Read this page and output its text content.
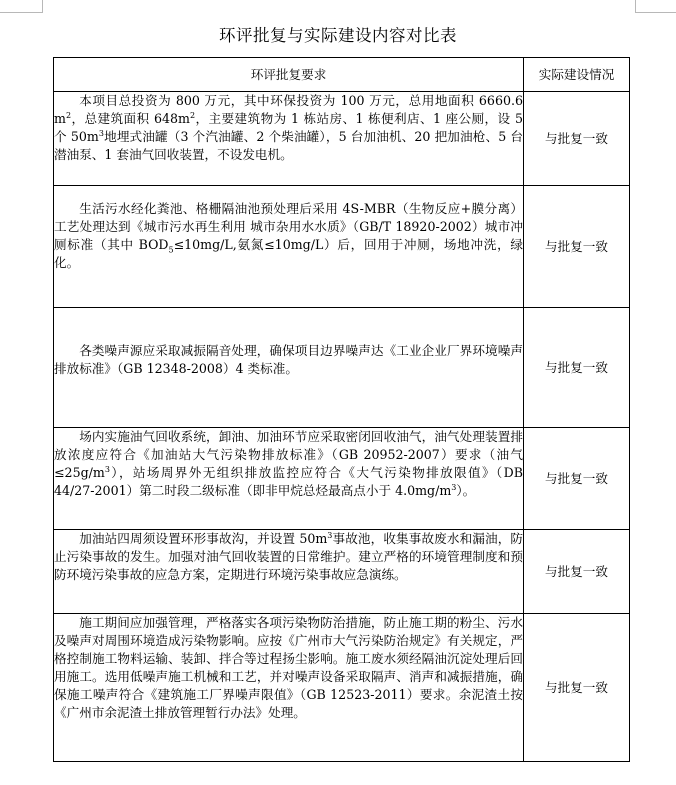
环评批复与实际建设内容对比表
环评批复要求	实际建设情况

本项目总投资为 800 万元，其中环保投资为 100 万元，总用地面积 6660.6 $m^2$，总建筑面积 $648m^2$，主要建筑物为 1 栋站房、1 栋便利店、1 座公厕，设 5 个 $50m^3$地埋式油罐（3 个汽油罐、2 个柴油罐），5 台加油机、20 把加油枪、5 台潜油泵、1 套油气回收装置，不设发电机。	与批复一致

生活污水经化粪池、格栅隔油池预处理后采用 4S-MBR（生物反应+膜分离）工艺处理达到《城市污水再生利用 城市杂用水水质》（GB/T 18920-2002）城市冲厕标准（其中 $BOD_5\le 10mg/L$,氨氮≤10mg/L）后，回用于冲厕，场地冲洗，绿化。	与批复一致

各类噪声源应采取减振隔音处理，确保项目边界噪声达《工业企业厂界环境噪声排放标准》（GB 12348-2008）4 类标准。	与批复一致

场内实施油气回收系统，卸油、加油环节应采取密闭回收油气，油气处理装置排放浓度应符合《加油站大气污染物排放标准》（GB 20952-2007）要求（油气$\le 25g/m^3$），站场周界外无组织排放监控应符合《大气污染物排放限值》（DB 44/27-2001）第二时段二级标准（即非甲烷总烃最高点小于 $4.0mg/m^3$）。	与批复一致

加油站四周须设置环形事故沟，并设置 $50m^3$事故池，收集事故废水和漏油，防止污染事故的发生。加强对油气回收装置的日常维护。建立严格的环境管理制度和预防环境污染事故的应急方案，定期进行环境污染事故应急演练。	与批复一致

施工期间应加强管理，严格落实各项污染物防治措施，防止施工期的粉尘、污水及噪声对周围环境造成污染物影响。应按《广州市大气污染防治规定》有关规定，严格控制施工物料运输、装卸、拌合等过程扬尘影响。施工废水须经隔油沉淀处理后回用施工。选用低噪声施工机械和工艺，并对噪声设备采取隔声、消声和减振措施，确保施工噪声符合《建筑施工厂界噪声限值》（GB 12523-2011）要求。余泥渣土按《广州市余泥渣土排放管理暂行办法》处理。	与批复一致
